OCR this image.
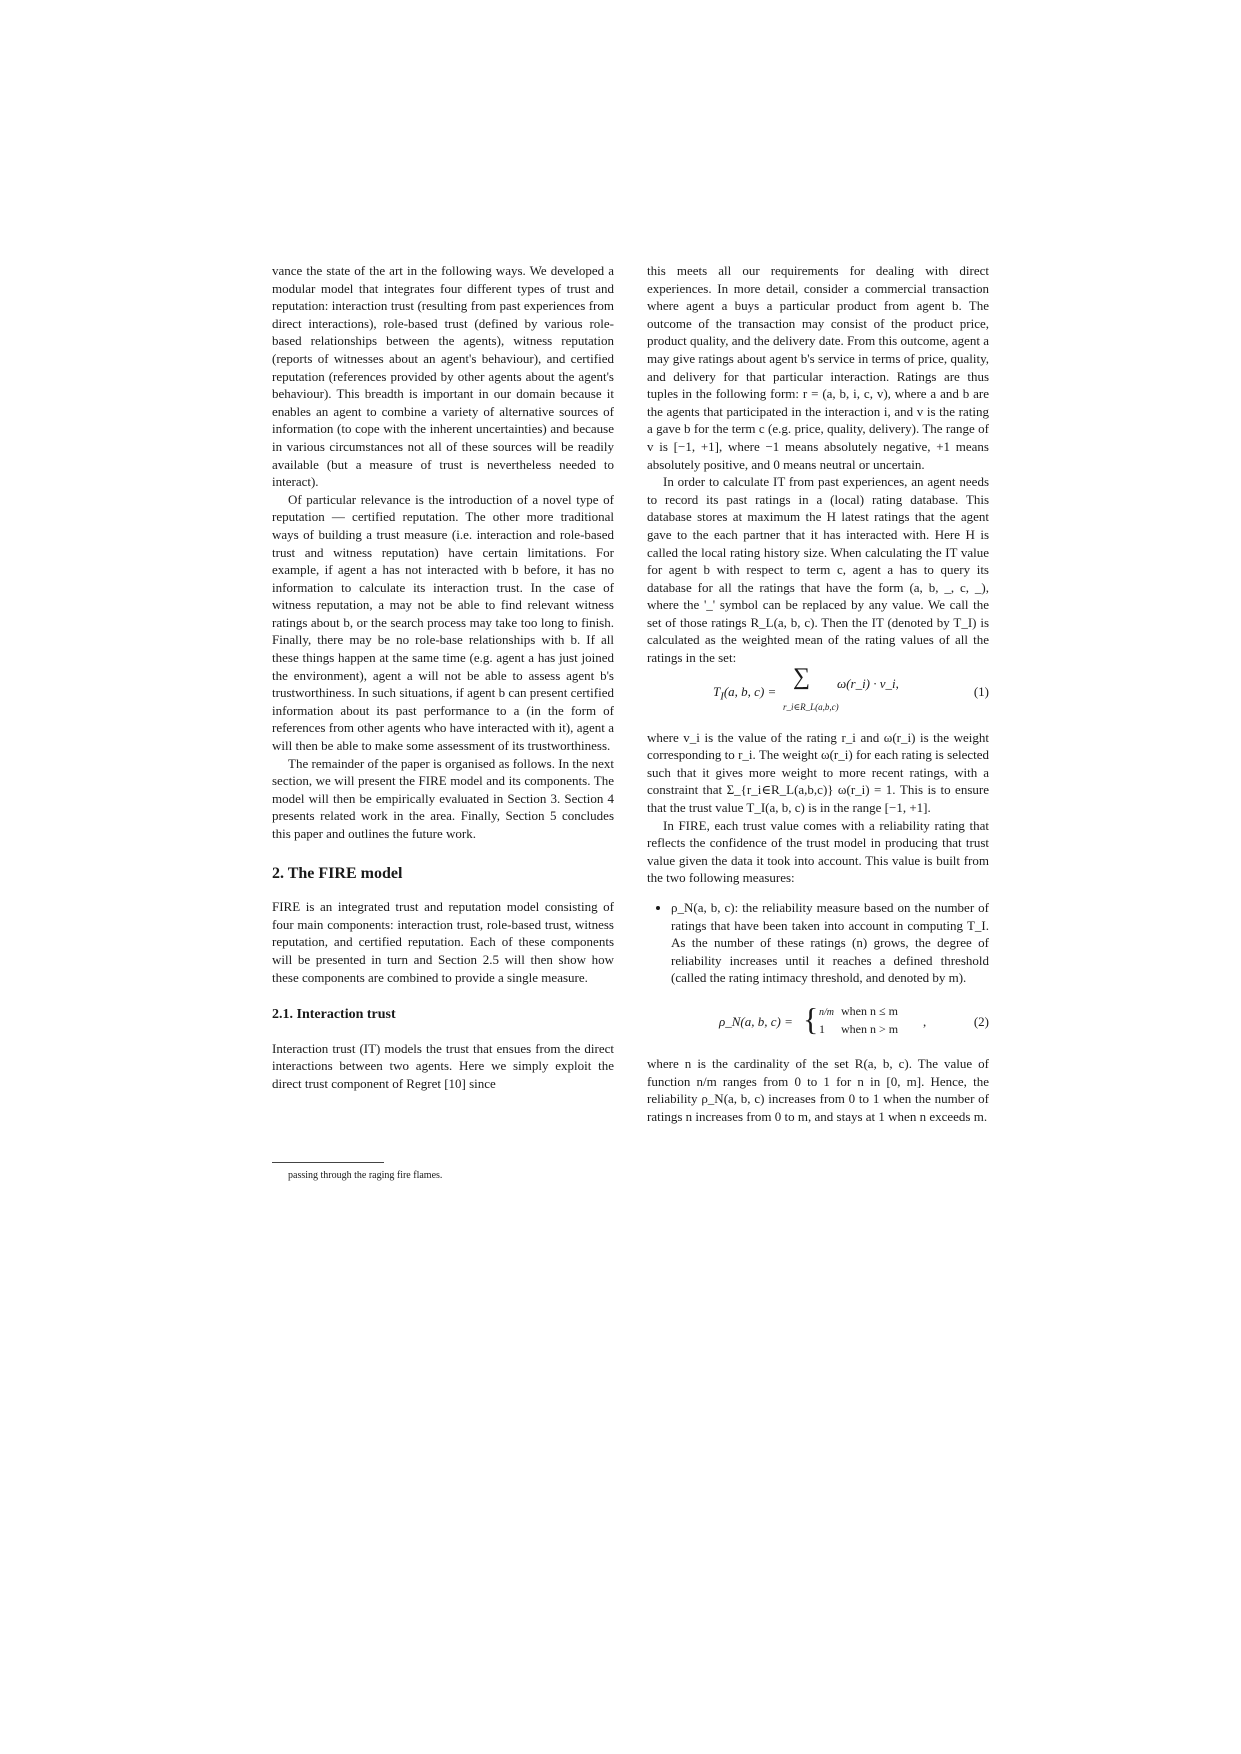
vance the state of the art in the following ways. We developed a modular model that integrates four different types of trust and reputation: interaction trust (resulting from past experiences from direct interactions), role-based trust (defined by various role-based relationships between the agents), witness reputation (reports of witnesses about an agent's behaviour), and certified reputation (references provided by other agents about the agent's behaviour). This breadth is important in our domain because it enables an agent to combine a variety of alternative sources of information (to cope with the inherent uncertainties) and because in various circumstances not all of these sources will be readily available (but a measure of trust is nevertheless needed to interact).

Of particular relevance is the introduction of a novel type of reputation — certified reputation. The other more traditional ways of building a trust measure (i.e. interaction and role-based trust and witness reputation) have certain limitations. For example, if agent a has not interacted with b before, it has no information to calculate its interaction trust. In the case of witness reputation, a may not be able to find relevant witness ratings about b, or the search process may take too long to finish. Finally, there may be no role-base relationships with b. If all these things happen at the same time (e.g. agent a has just joined the environment), agent a will not be able to assess agent b's trustworthiness. In such situations, if agent b can present certified information about its past performance to a (in the form of references from other agents who have interacted with it), agent a will then be able to make some assessment of its trustworthiness.

The remainder of the paper is organised as follows. In the next section, we will present the FIRE model and its components. The model will then be empirically evaluated in Section 3. Section 4 presents related work in the area. Finally, Section 5 concludes this paper and outlines the future work.

2. The FIRE model

FIRE is an integrated trust and reputation model consisting of four main components: interaction trust, role-based trust, witness reputation, and certified reputation. Each of these components will be presented in turn and Section 2.5 will then show how these components are combined to provide a single measure.

2.1. Interaction trust

Interaction trust (IT) models the trust that ensues from the direct interactions between two agents. Here we simply exploit the direct trust component of Regret [10] since

passing through the raging fire flames.

this meets all our requirements for dealing with direct experiences. In more detail, consider a commercial transaction where agent a buys a particular product from agent b. The outcome of the transaction may consist of the product price, product quality, and the delivery date. From this outcome, agent a may give ratings about agent b's service in terms of price, quality, and delivery for that particular interaction. Ratings are thus tuples in the following form: r = (a, b, i, c, v), where a and b are the agents that participated in the interaction i, and v is the rating a gave b for the term c (e.g. price, quality, delivery). The range of v is [−1, +1], where −1 means absolutely negative, +1 means absolutely positive, and 0 means neutral or uncertain.

In order to calculate IT from past experiences, an agent needs to record its past ratings in a (local) rating database. This database stores at maximum the H latest ratings that the agent gave to the each partner that it has interacted with. Here H is called the local rating history size. When calculating the IT value for agent b with respect to term c, agent a has to query its database for all the ratings that have the form (a, b, _, c, _), where the '_' symbol can be replaced by any value. We call the set of those ratings R_L(a, b, c). Then the IT (denoted by T_I) is calculated as the weighted mean of the rating values of all the ratings in the set:

$T_I(a$, b, c) =
∑
r_i∈R_L(a,b,c)
ω(r_i) · v_i,
(1)

where v_i is the value of the rating r_i and ω(r_i) is the weight corresponding to r_i. The weight ω(r_i) for each rating is selected such that it gives more weight to more recent ratings, with a constraint that Σ_{r_i∈R_L(a,b,c)} ω(r_i) = 1. This is to ensure that the trust value T_I(a, b, c) is in the range [−1, +1].

In FIRE, each trust value comes with a reliability rating that reflects the confidence of the trust model in producing that trust value given the data it took into account. This value is built from the two following measures:

• ρ_N(a, b, c): the reliability measure based on the number of ratings that have been taken into account in computing T_I. As the number of these ratings (n) grows, the degree of reliability increases until it reaches a defined threshold (called the rating intimacy threshold, and denoted by m).
ρ_N(a, b, c) = { n/m when n ≤ m
1 when n > m ,	(2)

where n is the cardinality of the set R(a, b, c). The value of function n/m ranges from 0 to 1 for n in [0, m]. Hence, the reliability ρ_N(a, b, c) increases from 0 to 1 when the number of ratings n increases from 0 to m, and stays at 1 when n exceeds m.
